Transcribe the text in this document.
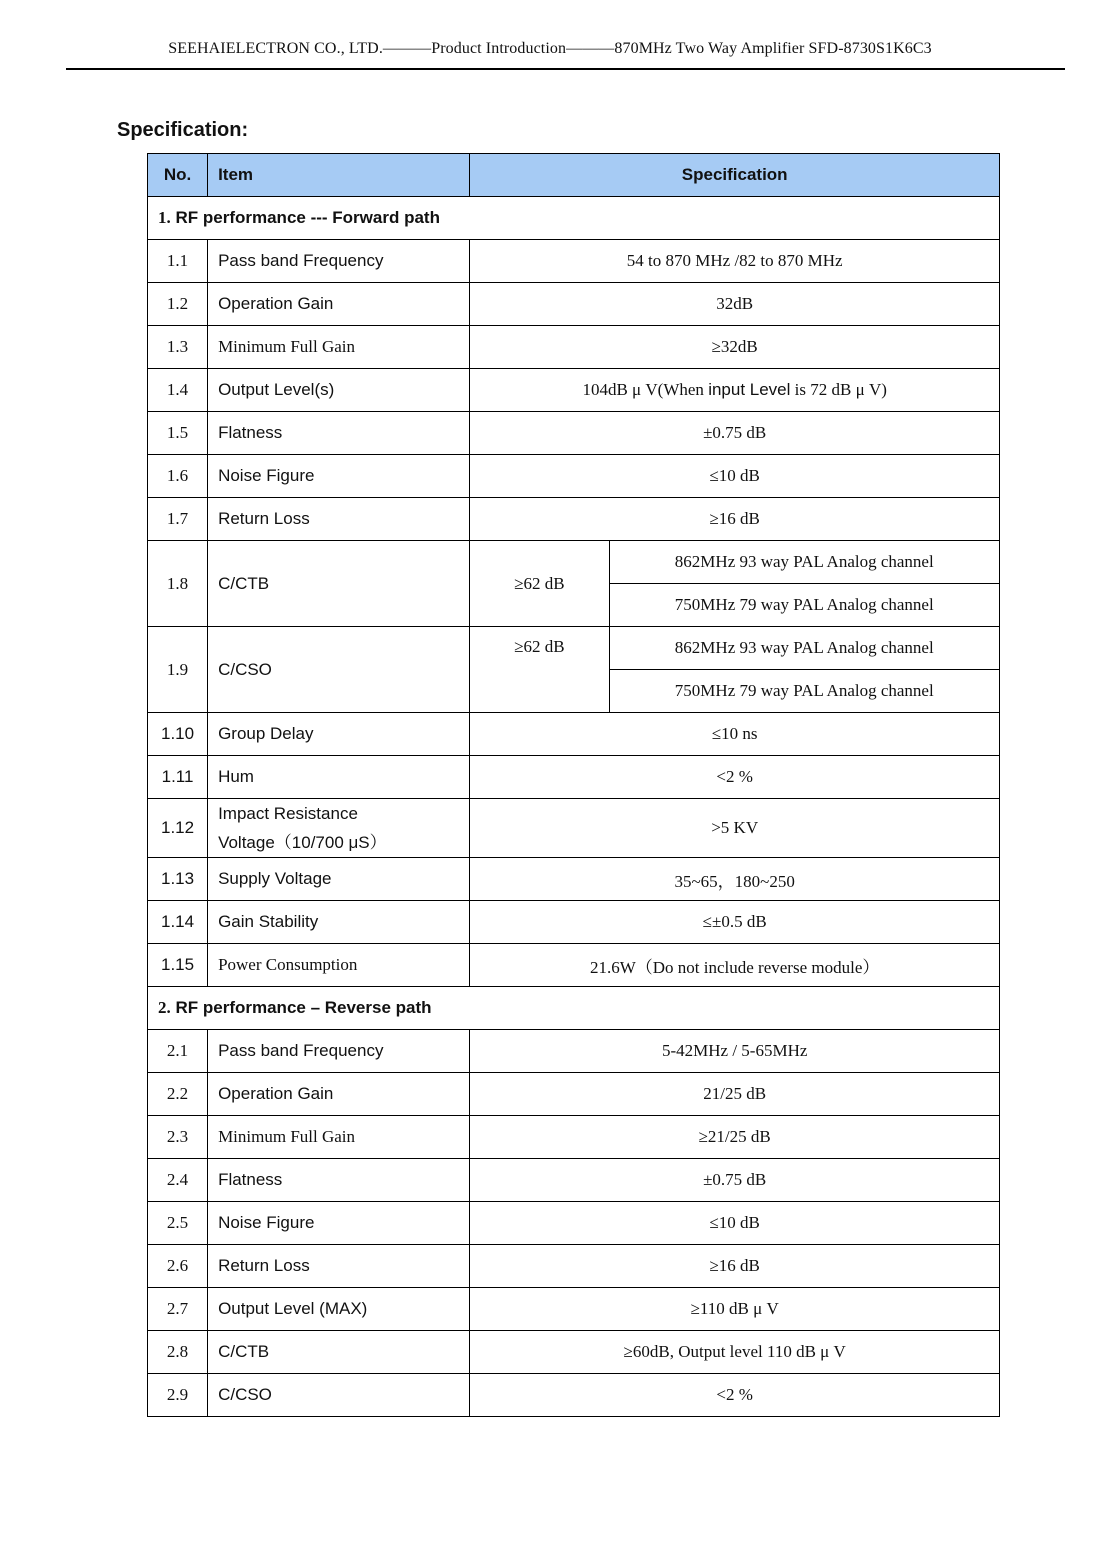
SEEHAIELECTRON CO., LTD.———Product Introduction———870MHz Two Way Amplifier SFD-8730S1K6C3
Specification:
No.	Item	Specification	
1. RF performance --- Forward path			
1.1	Pass band Frequency	54 to 870 MHz /82 to 870 MHz	
1.2	Operation Gain	32dB	
1.3	Minimum Full Gain	≥32dB	
1.4	Output Level(s)	104dB μ V(When input Level is 72 dB μ V)	
1.5	Flatness	±0.75 dB	
1.6	Noise Figure	≤10 dB	
1.7	Return Loss	≥16 dB	
1.8	C/CTB	≥62 dB	862MHz 93 way PAL Analog channel
			750MHz 79 way PAL Analog channel
1.9	C/CSO	≥62 dB	862MHz 93 way PAL Analog channel
			750MHz 79 way PAL Analog channel
1.10	Group Delay	≤10 ns	
1.11	Hum	<2 %	
1.12	Impact Resistance
Voltage（10/700 μS）	>5 KV	
1.13	Supply Voltage	35~65，180~250	
1.14	Gain Stability	≤±0.5 dB	
1.15	Power Consumption	21.6W（Do not include reverse module）	
2. RF performance – Reverse path			
2.1	Pass band Frequency	5-42MHz / 5-65MHz	
2.2	Operation Gain	21/25 dB	
2.3	Minimum Full Gain	≥21/25 dB	
2.4	Flatness	±0.75 dB	
2.5	Noise Figure	≤10 dB	
2.6	Return Loss	≥16 dB	
2.7	Output Level (MAX)	≥110 dB μ V	
2.8	C/CTB	≥60dB, Output level 110 dB μ V	
2.9	C/CSO	<2 %	
